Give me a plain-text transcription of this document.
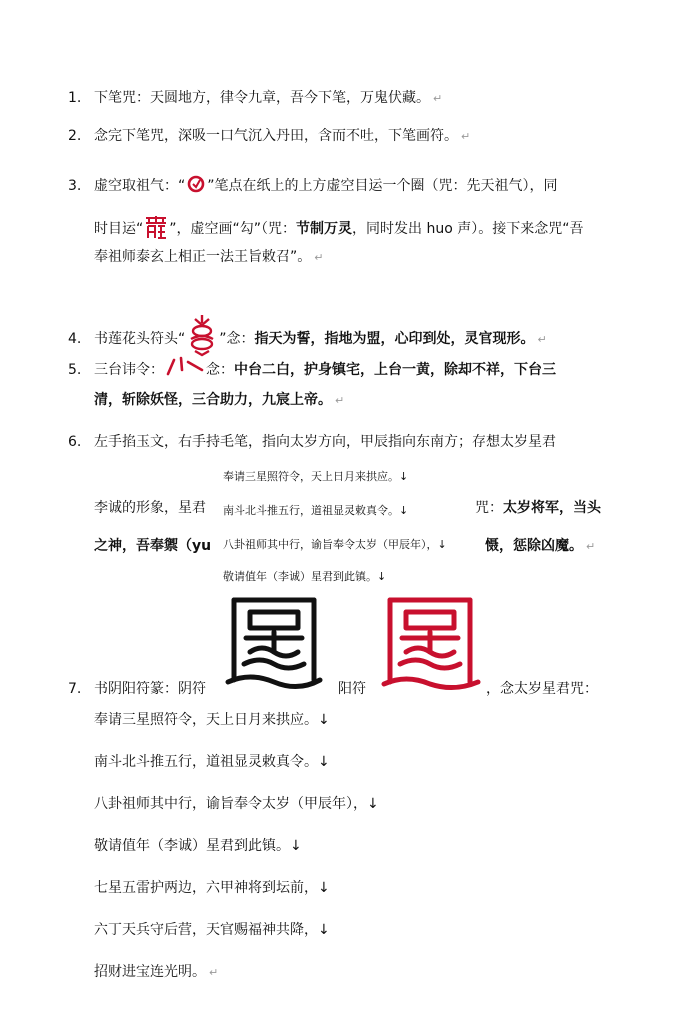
1. 下笔咒：天圆地方，律令九章，吾今下笔，万鬼伏藏。 ↵
2. 念完下笔咒，深吸一口气沉入丹田，含而不吐，下笔画符。 ↵
3. 虚空取祖气：“ ”笔点在纸上的上方虚空目运一个圈（咒：先天祖气），同
时目运“ ”，虚空画“勾”（咒：节制万灵，同时发出 huo 声）。接下来念咒“吾
奉祖师泰玄上相正一法王旨敕召”。 ↵
4. 书莲花头符头“ ”念：指天为誓，指地为盟，心印到处，灵官现形。 ↵
5. 三台讳令：	念：中台二白，护身镇宅，上台一黄，除却不祥，下台三
清，斩除妖怪，三合助力，九宸上帝。 ↵
6. 左手掐玉文，右手持毛笔，指向太岁方向，甲辰指向东南方；存想太岁星君
李诚的形象，星君	咒：太岁将军，当头
之神，吾奉禦（yu	慑，惩除凶魔。 ↵
奉请三星照符令，天上日月来拱应。↓
南斗北斗推五行，道祖显灵敕真令。↓
八卦祖师其中行，谕旨奉令太岁（甲辰年），↓
敬请值年（李诚）星君到此镇。↓
7. 书阴阳符篆：阴符	阳符	，念太岁星君咒：
奉请三星照符令，天上日月来拱应。↓
南斗北斗推五行，道祖显灵敕真令。↓
八卦祖师其中行，谕旨奉令太岁（甲辰年），↓
敬请值年（李诚）星君到此镇。↓
七星五雷护两边，六甲神将到坛前，↓
六丁天兵守后营，天官赐福神共降，↓
招财进宝连光明。 ↵
